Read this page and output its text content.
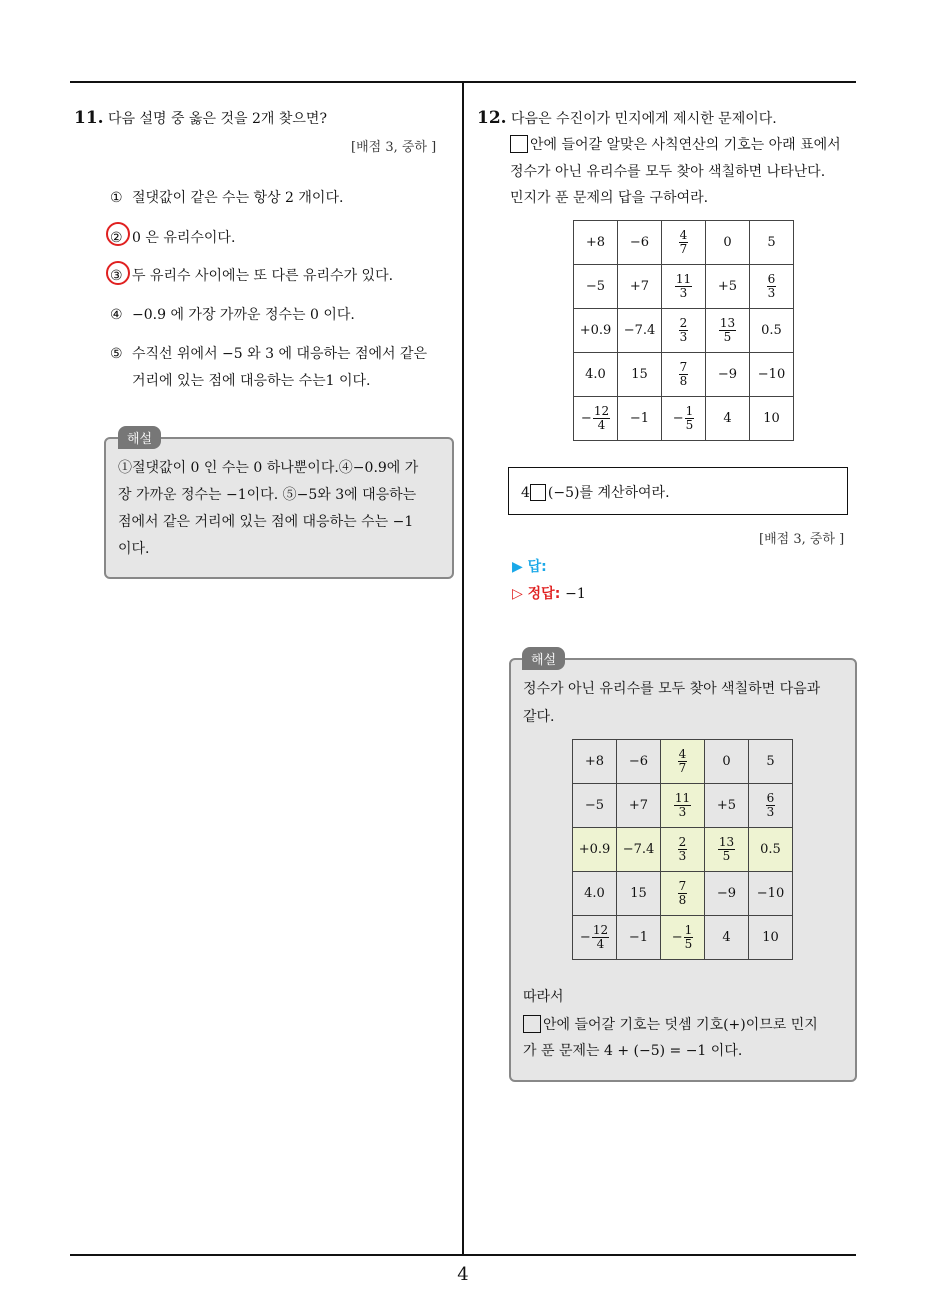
11. 다음 설명 중 옳은 것을 2개 찾으면?
[배점 3, 중하 ]
① 절댓값이 같은 수는 항상 2 개이다.
② 0 은 유리수이다.
③ 두 유리수 사이에는 또 다른 유리수가 있다.
④ −0.9 에 가장 가까운 정수는 0 이다.
⑤ 수직선 위에서 −5 와 3 에 대응하는 점에서 같은
거리에 있는 점에 대응하는 수는1 이다.
①절댓값이 0 인 수는 0 하나뿐이다.④−0.9에 가
장 가까운 정수는 −1이다. ⑤−5와 3에 대응하는
점에서 같은 거리에 있는 점에 대응하는 수는 −1
이다.
해설
12. 다음은 수진이가 민지에게 제시한 문제이다.
안에 들어갈 알맞은 사칙연산의 기호는 아래 표에서
정수가 아닌 유리수를 모두 찾아 색칠하면 나타난다.
민지가 푼 문제의 답을 구하여라.
+8	−6	$\frac{4}{7}$	0	5
−5	+7	$\frac{11}{3}$	+5	$\frac{6}{3}$

+0.9	−7.4	$\frac{2}{3}$	$\frac{13}{5}$	0.5
4.0	15	$\frac{7}{8}$	−9	−10
− $\frac{12}{4}$	−1	− $\frac{1}{5}$	4	10
4 (−5)를 계산하여라.
[배점 3, 중하 ]
▶ 답:
▷ 정답: −1
정수가 아닌 유리수를 모두 찾아 색칠하면 다음과
같다.
따라서
안에 들어갈 기호는 덧셈 기호(+)이므로 민지
가 푼 문제는 4 + (−5) = −1 이다.
해설
+8	−6	$\frac{4}{7}$	0	5
−5	+7	$\frac{11}{3}$	+5	$\frac{6}{3}$

+0.9	−7.4	$\frac{2}{3}$	$\frac{13}{5}$	0.5
4.0	15	$\frac{7}{8}$	−9	−10
− $\frac{12}{4}$	−1	− $\frac{1}{5}$	4	10
4
